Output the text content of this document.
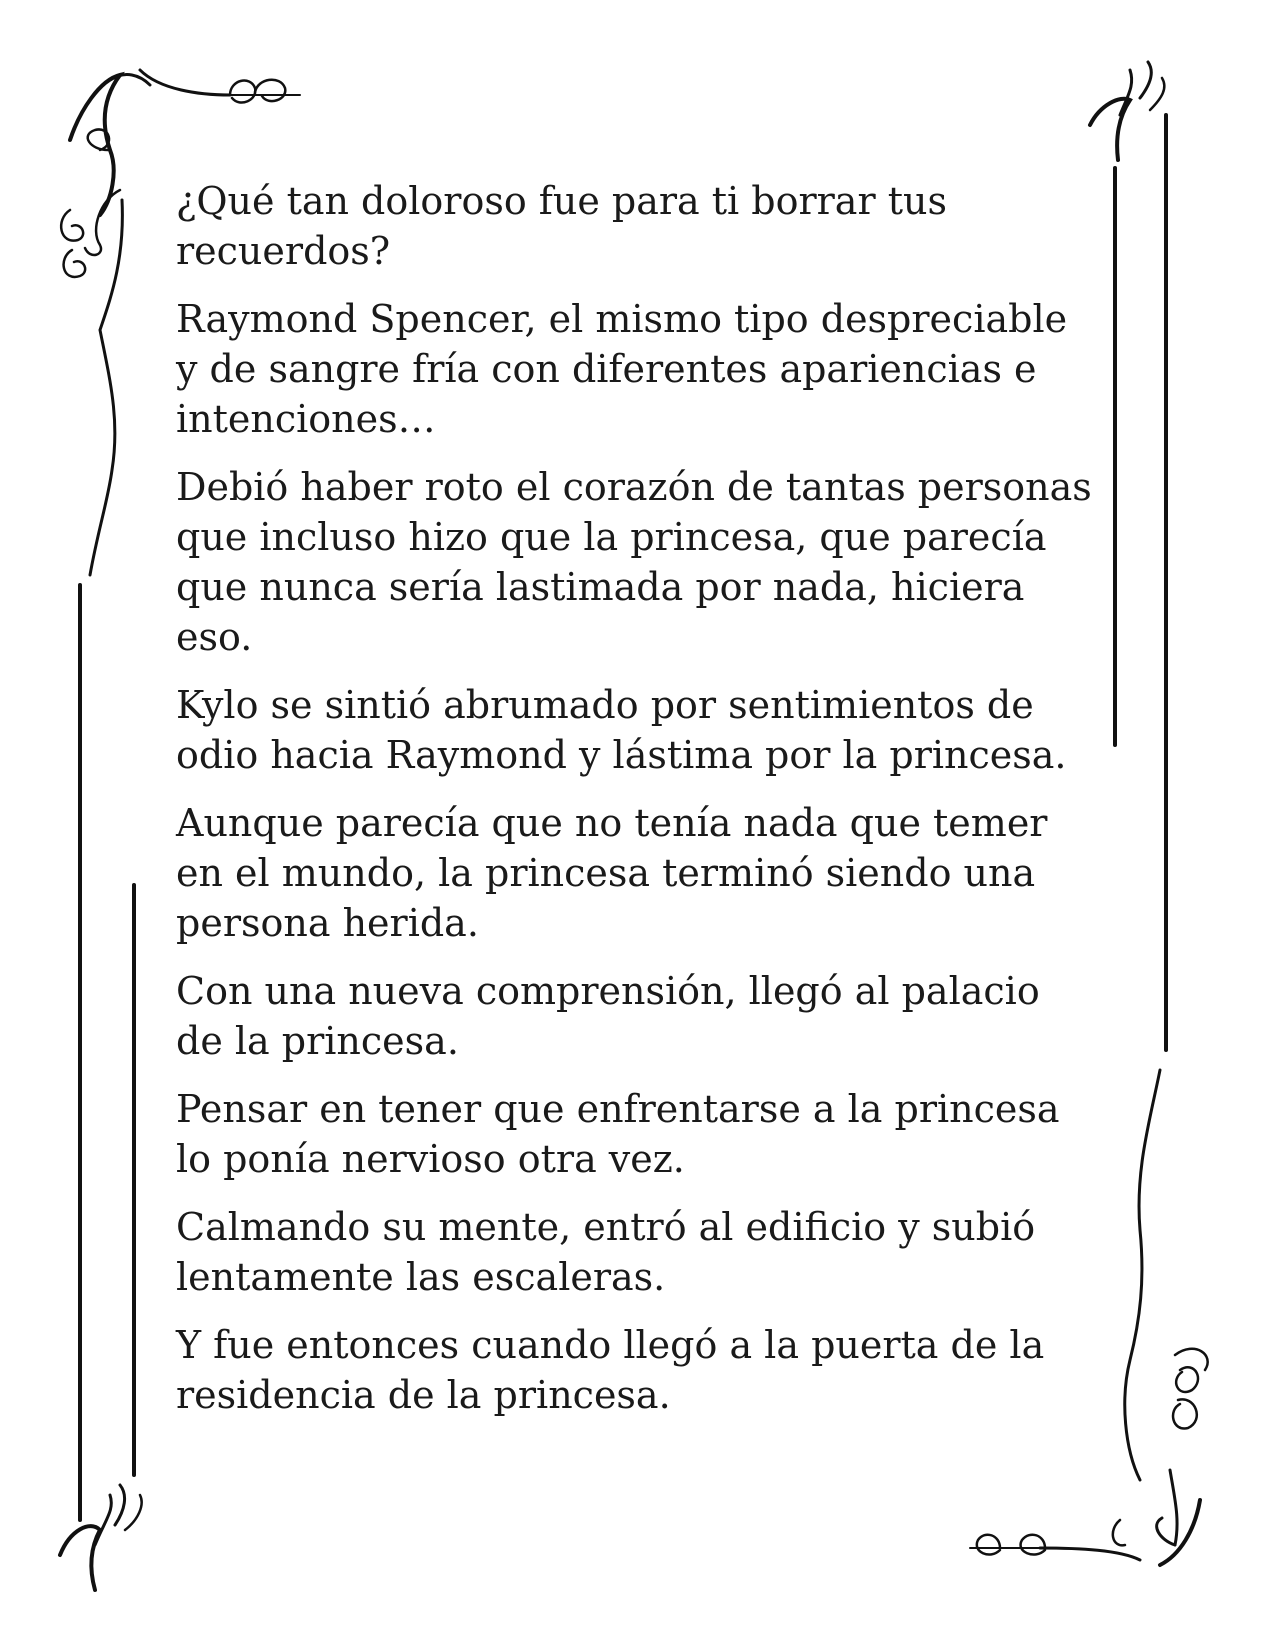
¿Qué tan doloroso fue para ti borrar tus recuerdos?

Raymond Spencer, el mismo tipo despreciable y de sangre fría con diferentes apariencias e intenciones…

Debió haber roto el corazón de tantas personas que incluso hizo que la princesa, que parecía que nunca sería lastimada por nada, hiciera eso.

Kylo se sintió abrumado por sentimientos de odio hacia Raymond y lástima por la princesa.

Aunque parecía que no tenía nada que temer en el mundo, la princesa terminó siendo una persona herida.

Con una nueva comprensión, llegó al palacio de la princesa.

Pensar en tener que enfrentarse a la princesa lo ponía nervioso otra vez.

Calmando su mente, entró al edificio y subió lentamente las escaleras.

Y fue entonces cuando llegó a la puerta de la residencia de la princesa.
